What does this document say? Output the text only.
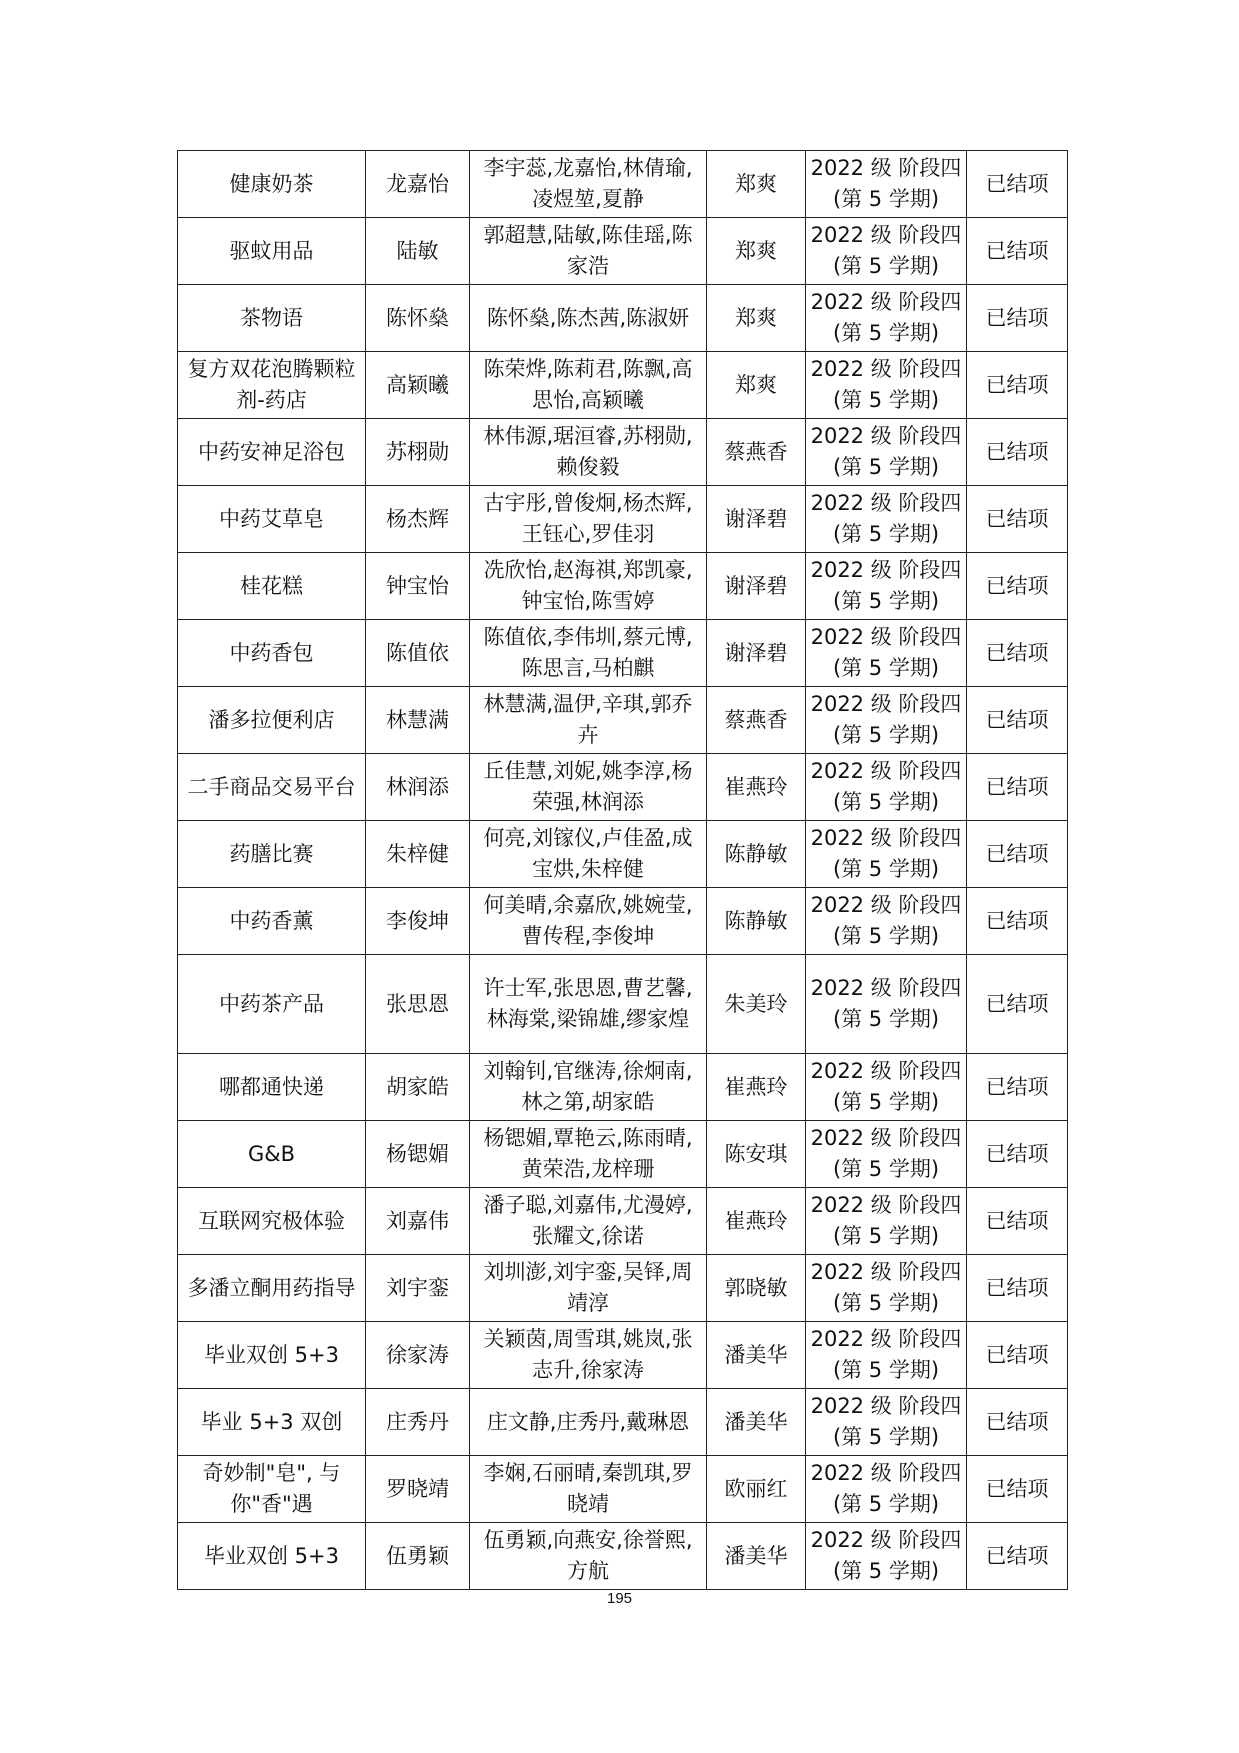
健康奶茶	龙嘉怡	李宇蕊,龙嘉怡,林倩瑜,凌煜堃,夏静	郑爽	2022 级 阶段四(第 5 学期)	已结项
驱蚊用品	陆敏	郭超慧,陆敏,陈佳瑶,陈家浩	郑爽	2022 级 阶段四(第 5 学期)	已结项
茶物语	陈怀燊	陈怀燊,陈杰茜,陈淑妍	郑爽	2022 级 阶段四(第 5 学期)	已结项
复方双花泡腾颗粒剂-药店	高颖曦	陈荣烨,陈莉君,陈飘,高思怡,高颖曦	郑爽	2022 级 阶段四(第 5 学期)	已结项
中药安神足浴包	苏栩勋	林伟源,琚洹睿,苏栩勋,赖俊毅	蔡燕香	2022 级 阶段四(第 5 学期)	已结项
中药艾草皂	杨杰辉	古宇彤,曾俊炯,杨杰辉,王钰心,罗佳羽	谢泽碧	2022 级 阶段四(第 5 学期)	已结项
桂花糕	钟宝怡	冼欣怡,赵海祺,郑凯豪,钟宝怡,陈雪婷	谢泽碧	2022 级 阶段四(第 5 学期)	已结项
中药香包	陈值依	陈值依,李伟圳,蔡元博,陈思言,马柏麒	谢泽碧	2022 级 阶段四(第 5 学期)	已结项
潘多拉便利店	林慧满	林慧满,温伊,辛琪,郭乔卉	蔡燕香	2022 级 阶段四(第 5 学期)	已结项
二手商品交易平台	林润添	丘佳慧,刘妮,姚李淳,杨荣强,林润添	崔燕玲	2022 级 阶段四(第 5 学期)	已结项
药膳比赛	朱梓健	何亮,刘镓仪,卢佳盈,成宝烘,朱梓健	陈静敏	2022 级 阶段四(第 5 学期)	已结项
中药香薰	李俊坤	何美晴,余嘉欣,姚婉莹,曹传程,李俊坤	陈静敏	2022 级 阶段四(第 5 学期)	已结项
中药茶产品	张思恩	许士军,张思恩,曹艺馨,林海棠,梁锦雄,缪家煌	朱美玲	2022 级 阶段四(第 5 学期)	已结项
哪都通快递	胡家皓	刘翰钊,官继涛,徐炯南,林之第,胡家皓	崔燕玲	2022 级 阶段四(第 5 学期)	已结项
G&B	杨锶媚	杨锶媚,覃艳云,陈雨晴,黄荣浩,龙梓珊	陈安琪	2022 级 阶段四(第 5 学期)	已结项
互联网究极体验	刘嘉伟	潘子聪,刘嘉伟,尤漫婷,张耀文,徐诺	崔燕玲	2022 级 阶段四(第 5 学期)	已结项
多潘立酮用药指导	刘宇銮	刘圳澎,刘宇銮,吴铎,周靖淳	郭晓敏	2022 级 阶段四(第 5 学期)	已结项
毕业双创 5+3	徐家涛	关颖茵,周雪琪,姚岚,张志升,徐家涛	潘美华	2022 级 阶段四(第 5 学期)	已结项
毕业 5+3 双创	庄秀丹	庄文静,庄秀丹,戴琳恩	潘美华	2022 级 阶段四(第 5 学期)	已结项
奇妙制"皂", 与你"香"遇	罗晓靖	李娴,石丽晴,秦凯琪,罗晓靖	欧丽红	2022 级 阶段四(第 5 学期)	已结项
毕业双创 5+3	伍勇颖	伍勇颖,向燕安,徐誉熙,方航	潘美华	2022 级 阶段四(第 5 学期)	已结项
195
